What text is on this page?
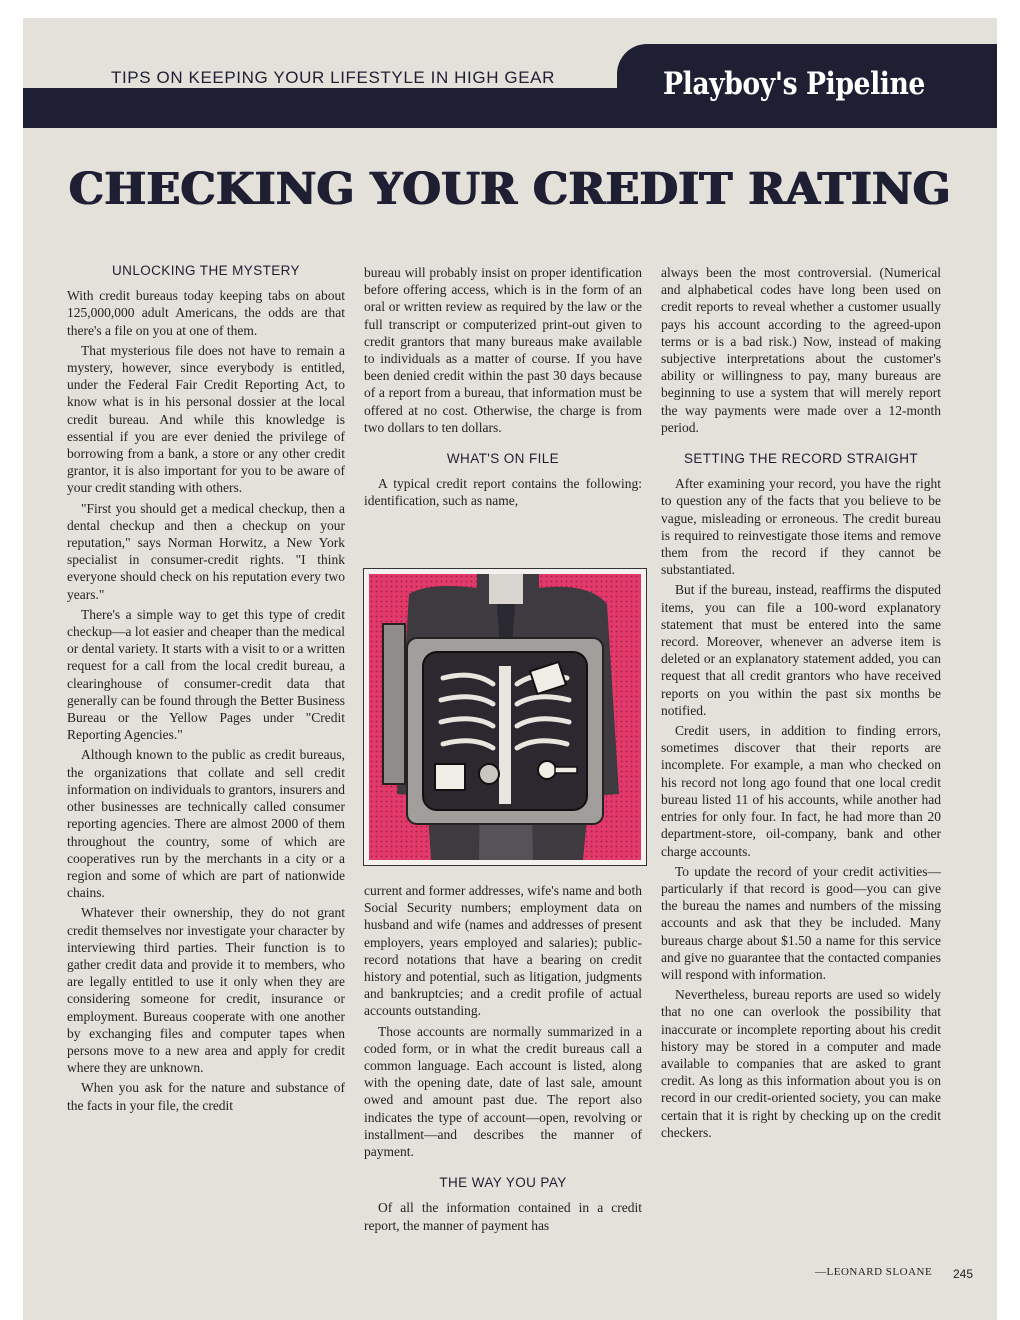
Playboy's Pipeline
TIPS ON KEEPING YOUR LIFESTYLE IN HIGH GEAR
CHECKING YOUR CREDIT RATING
UNLOCKING THE MYSTERY

With credit bureaus today keeping tabs on about 125,000,000 adult Americans, the odds are that there's a file on you at one of them.

That mysterious file does not have to remain a mystery, however, since everybody is entitled, under the Federal Fair Credit Reporting Act, to know what is in his personal dossier at the local credit bureau. And while this knowledge is essential if you are ever denied the privilege of borrowing from a bank, a store or any other credit grantor, it is also important for you to be aware of your credit standing with others.

"First you should get a medical checkup, then a dental checkup and then a checkup on your reputation," says Norman Horwitz, a New York specialist in consumer-credit rights. "I think everyone should check on his reputation every two years."

There's a simple way to get this type of credit checkup—a lot easier and cheaper than the medical or dental variety. It starts with a visit to or a written request for a call from the local credit bureau, a clearinghouse of consumer-credit data that generally can be found through the Better Business Bureau or the Yellow Pages under "Credit Reporting Agencies."

Although known to the public as credit bureaus, the organizations that collate and sell credit information on individuals to grantors, insurers and other businesses are technically called consumer reporting agencies. There are almost 2000 of them throughout the country, some of which are cooperatives run by the merchants in a city or a region and some of which are part of nationwide chains.

Whatever their ownership, they do not grant credit themselves nor investigate your character by interviewing third parties. Their function is to gather credit data and provide it to members, who are legally entitled to use it only when they are considering someone for credit, insurance or employment. Bureaus cooperate with one another by exchanging files and computer tapes when persons move to a new area and apply for credit where they are unknown.

When you ask for the nature and substance of the facts in your file, the credit

bureau will probably insist on proper identification before offering access, which is in the form of an oral or written review as required by the law or the full transcript or computerized print-out given to credit grantors that many bureaus make available to individuals as a matter of course. If you have been denied credit within the past 30 days because of a report from a bureau, that information must be offered at no cost. Otherwise, the charge is from two dollars to ten dollars.

WHAT'S ON FILE

A typical credit report contains the following: identification, such as name,

current and former addresses, wife's name and both Social Security numbers; employment data on husband and wife (names and addresses of present employers, years employed and salaries); public-record notations that have a bearing on credit history and potential, such as litigation, judgments and bankruptcies; and a credit profile of actual accounts outstanding.

Those accounts are normally summarized in a coded form, or in what the credit bureaus call a common language. Each account is listed, along with the opening date, date of last sale, amount owed and amount past due. The report also indicates the type of account—open, revolving or installment—and describes the manner of payment.

THE WAY YOU PAY

Of all the information contained in a credit report, the manner of payment has

always been the most controversial. (Numerical and alphabetical codes have long been used on credit reports to reveal whether a customer usually pays his account according to the agreed-upon terms or is a bad risk.) Now, instead of making subjective interpretations about the customer's ability or willingness to pay, many bureaus are beginning to use a system that will merely report the way payments were made over a 12-month period.

SETTING THE RECORD STRAIGHT

After examining your record, you have the right to question any of the facts that you believe to be vague, misleading or erroneous. The credit bureau is required to reinvestigate those items and remove them from the record if they cannot be substantiated.

But if the bureau, instead, reaffirms the disputed items, you can file a 100-word explanatory statement that must be entered into the same record. Moreover, whenever an adverse item is deleted or an explanatory statement added, you can request that all credit grantors who have received reports on you within the past six months be notified.

Credit users, in addition to finding errors, sometimes discover that their reports are incomplete. For example, a man who checked on his record not long ago found that one local credit bureau listed 11 of his accounts, while another had entries for only four. In fact, he had more than 20 department-store, oil-company, bank and other charge accounts.

To update the record of your credit activities—particularly if that record is good—you can give the bureau the names and numbers of the missing accounts and ask that they be included. Many bureaus charge about $1.50 a name for this service and give no guarantee that the contacted companies will respond with information.

Nevertheless, bureau reports are used so widely that no one can overlook the possibility that inaccurate or incomplete reporting about his credit history may be stored in a computer and made available to companies that are asked to grant credit. As long as this information about you is on record in our credit-oriented society, you can make certain that it is right by checking up on the credit checkers.

—LEONARD SLOANE 245
